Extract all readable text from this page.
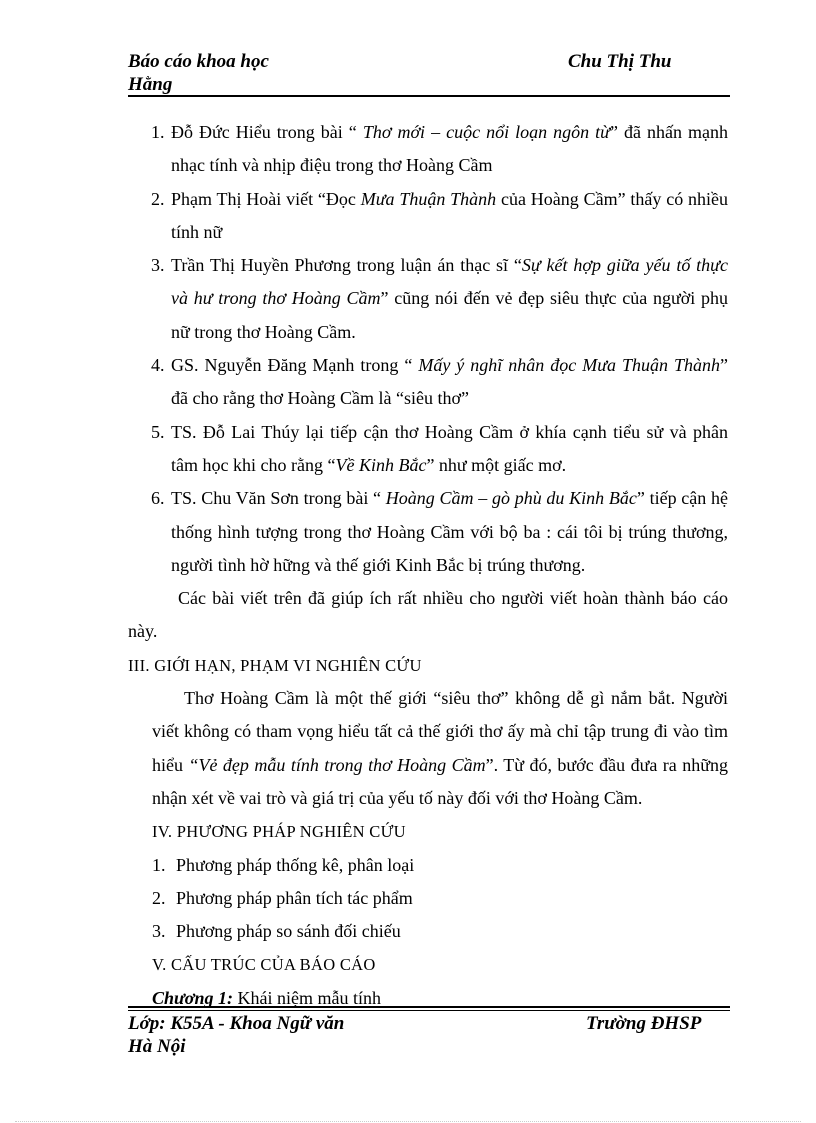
Báo cáo khoa học	Chu Thị Thu
Hằng
1. Đỗ Đức Hiểu trong bài “ Thơ mới – cuộc nổi loạn ngôn từ” đã nhấn mạnh nhạc tính và nhịp điệu trong thơ Hoàng Cầm
2. Phạm Thị Hoài viết “Đọc Mưa Thuận Thành của Hoàng Cầm” thấy có nhiều tính nữ
3. Trần Thị Huyền Phương trong luận án thạc sĩ “Sự kết hợp giữa yếu tố thực và hư trong thơ Hoàng Cầm” cũng nói đến vẻ đẹp siêu thực của người phụ nữ trong thơ Hoàng Cầm.
4. GS. Nguyễn Đăng Mạnh trong “ Mấy ý nghĩ nhân đọc Mưa Thuận Thành” đã cho rằng thơ Hoàng Cầm là “siêu thơ”
5. TS. Đỗ Lai Thúy lại tiếp cận thơ Hoàng Cầm ở khía cạnh tiểu sử và phân tâm học khi cho rằng “Về Kinh Bắc” như một giấc mơ.
6. TS. Chu Văn Sơn trong bài “ Hoàng Cầm – gò phù du Kinh Bắc” tiếp cận hệ thống hình tượng trong thơ Hoàng Cầm với bộ ba : cái tôi bị trúng thương, người tình hờ hững và thế giới Kinh Bắc bị trúng thương.
Các bài viết trên đã giúp ích rất nhiều cho người viết hoàn thành báo cáo này.
III. GIỚI HẠN, PHẠM VI NGHIÊN CỨU
Thơ Hoàng Cầm là một thế giới “siêu thơ” không dễ gì nắm bắt. Người viết không có tham vọng hiểu tất cả thế giới thơ ấy mà chỉ tập trung đi vào tìm hiểu “Vẻ đẹp mẫu tính trong thơ Hoàng Cầm”. Từ đó, bước đầu đưa ra những nhận xét về vai trò và giá trị của yếu tố này đối với thơ Hoàng Cầm.
IV. PHƯƠNG PHÁP NGHIÊN CỨU
1. Phương pháp thống kê, phân loại
2. Phương pháp phân tích tác phẩm
3. Phương pháp so sánh đối chiếu
V. CẤU TRÚC CỦA BÁO CÁO
Chương 1: Khái niệm mẫu tính
Lớp: K55A - Khoa Ngữ văn	Trường ĐHSP
Hà Nội
